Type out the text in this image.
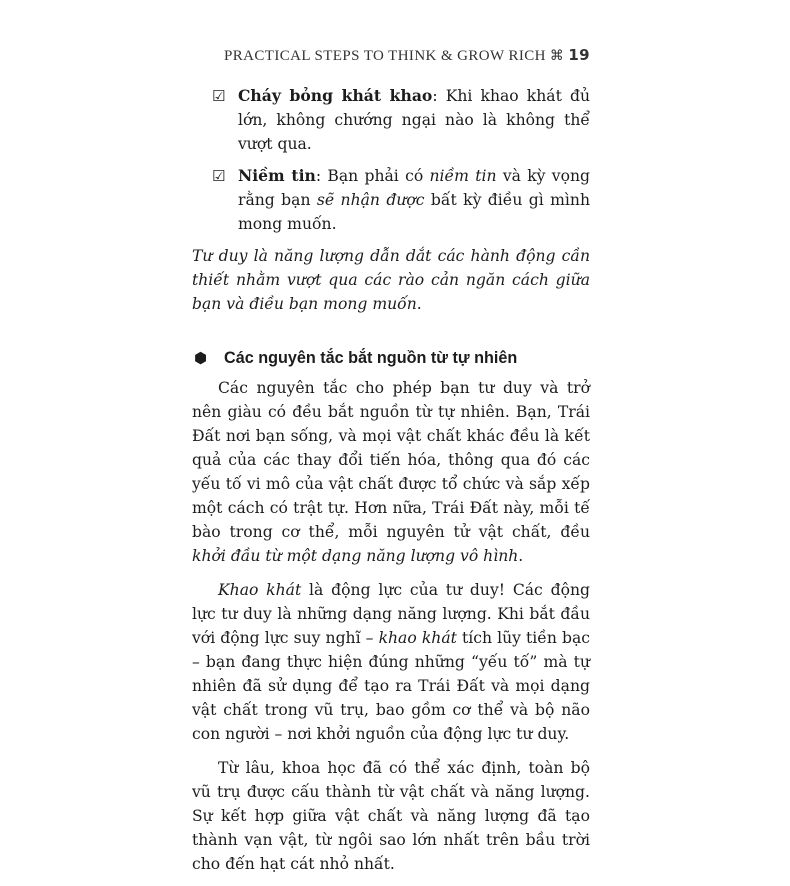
PRACTICAL STEPS TO THINK & GROW RICH ⌘ 19
☑ Cháy bỏng khát khao: Khi khao khát đủ lớn, không chướng ngại nào là không thể vượt qua.
☑ Niềm tin: Bạn phải có niềm tin và kỳ vọng rằng bạn sẽ nhận được bất kỳ điều gì mình mong muốn.

Tư duy là năng lượng dẫn dắt các hành động cần thiết nhằm vượt qua các rào cản ngăn cách giữa bạn và điều bạn mong muốn.

⬢	Các nguyên tắc bắt nguồn từ tự nhiên

Các nguyên tắc cho phép bạn tư duy và trở nên giàu có đều bắt nguồn từ tự nhiên. Bạn, Trái Đất nơi bạn sống, và mọi vật chất khác đều là kết quả của các thay đổi tiến hóa, thông qua đó các yếu tố vi mô của vật chất được tổ chức và sắp xếp một cách có trật tự. Hơn nữa, Trái Đất này, mỗi tế bào trong cơ thể, mỗi nguyên tử vật chất, đều khởi đầu từ một dạng năng lượng vô hình.

Khao khát là động lực của tư duy! Các động lực tư duy là những dạng năng lượng. Khi bắt đầu với động lực suy nghĩ – khao khát tích lũy tiền bạc – bạn đang thực hiện đúng những “yếu tố” mà tự nhiên đã sử dụng để tạo ra Trái Đất và mọi dạng vật chất trong vũ trụ, bao gồm cơ thể và bộ não con người – nơi khởi nguồn của động lực tư duy.

Từ lâu, khoa học đã có thể xác định, toàn bộ vũ trụ được cấu thành từ vật chất và năng lượng. Sự kết hợp giữa vật chất và năng lượng đã tạo thành vạn vật, từ ngôi sao lớn nhất trên bầu trời cho đến hạt cát nhỏ nhất.
